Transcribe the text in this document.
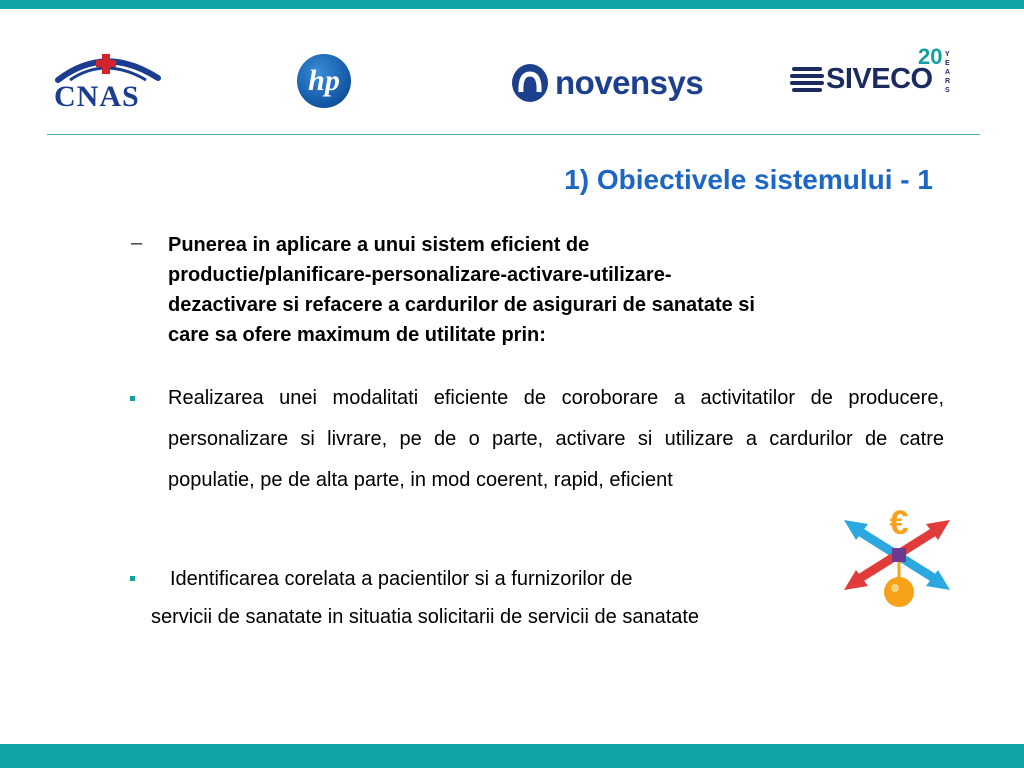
CNAS	hp	novensys	SIVECO
20 YEARS
1) Obiectivele sistemului - 1
– Punerea in aplicare a unui sistem eficient de
productie/planificare-personalizare-activare-utilizare-
dezactivare si refacere a cardurilor de asigurari de sanatate si
care sa ofere maximum de utilitate prin:
Realizarea unei modalitati eficiente de coroborare a activitatilor de producere, personalizare si livrare, pe de o parte, activare si utilizare a cardurilor de catre populatie, pe de alta parte, in mod coerent, rapid, eficient
Identificarea corelata a pacientilor si a furnizorilor de
servicii de sanatate in situatia solicitarii de servicii de sanatate
€
